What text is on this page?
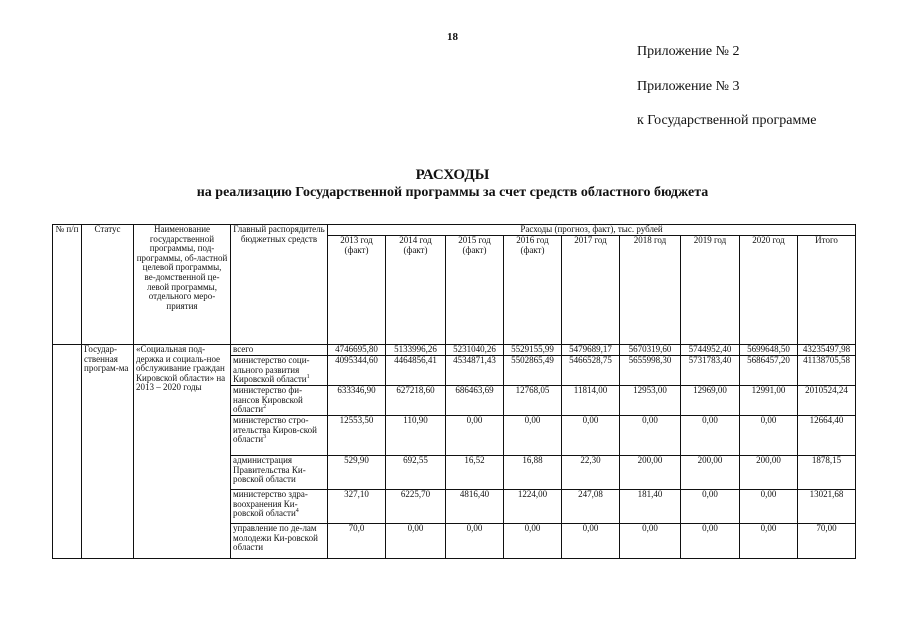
18
Приложение № 2
Приложение № 3
к Государственной программе
РАСХОДЫ
на реализацию Государственной программы за счет средств областного бюджета
№ п/п	Статус	Наименование государственной программы, под-программы, об-ластной целевой программы, ве-домственной це-левой программы, отдельного меро-приятия	Главный распорядитель бюджетных средств	Расходы (прогноз, факт), тыс. рублей								
				2013 год (факт)	2014 год (факт)	2015 год (факт)	2016 год (факт)	2017 год	2018 год	2019 год	2020 год	Итого
	Государ-ственная програм-ма	«Социальная под-держка и социаль-ное обслуживание граждан Кировской области» на 2013 – 2020 годы	всего	4746695,80	5133996,26	5231040,26	5529155,99	5479689,17	5670319,60	5744952,40	5699648,50	43235497,98
			министерство соци-ального развития Кировской области$^1$	4095344,60	4464856,41	4534871,43	5502865,49	5466528,75	5655998,30	5731783,40	5686457,20	41138705,58
			министерство фи-нансов Кировской области$^2$	633346,90	627218,60	686463,69	12768,05	11814,00	12953,00	12969,00	12991,00	2010524,24
			министерство стро-ительства Киров-ской области$^3$	12553,50	110,90	0,00	0,00	0,00	0,00	0,00	0,00	12664,40
			администрация Правительства Ки-ровской области	529,90	692,55	16,52	16,88	22,30	200,00	200,00	200,00	1878,15
			министерство здра-воохранения Ки-ровской области$^4$	327,10	6225,70	4816,40	1224,00	247,08	181,40	0,00	0,00	13021,68
			управление по де-лам молодежи Ки-ровской области	70,0	0,00	0,00	0,00	0,00	0,00	0,00	0,00	70,00
